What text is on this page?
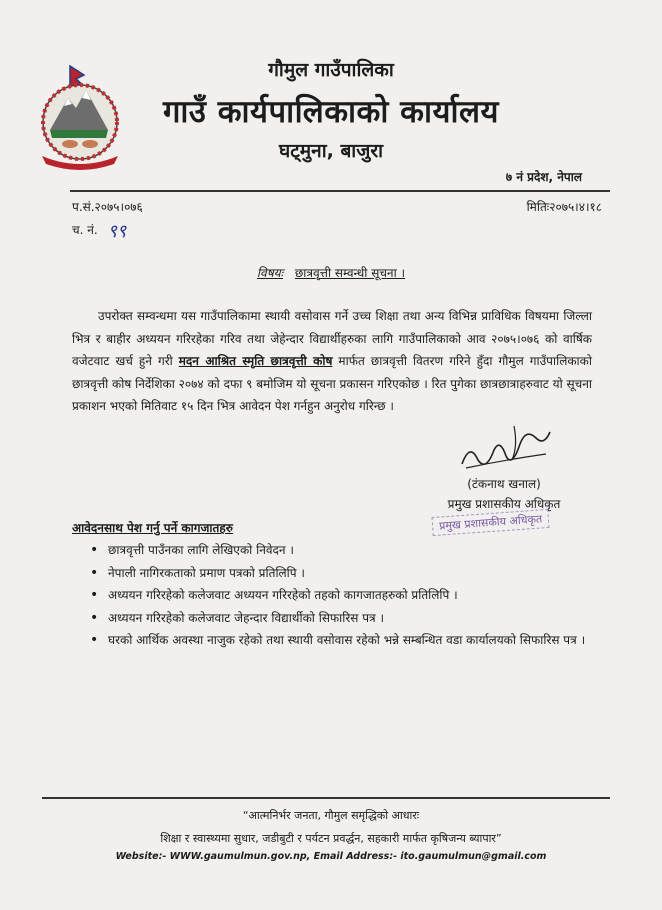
गौमुल गाउँपालिका
गाउँ कार्यपालिकाको कार्यालय
घट्मुना, बाजुरा
७ नं प्रदेश, नेपाल
प.सं.२०७५।०७६	मितिः२०७५।४।१८
च. नं. ९९
विषयः छात्रवृत्ती सम्वन्धी सूचना ।
उपरोक्त सम्वन्धमा यस गाउँपालिकामा स्थायी वसोवास गर्ने उच्च शिक्षा तथा अन्य विभिन्न प्राविधिक विषयमा जिल्ला भित्र र बाहीर अध्ययन गरिरहेका गरिव तथा जेहेन्दार विद्यार्थीहरुका लागि गाउँपालिकाको आव २०७५।०७६ को वार्षिक वजेटवाट खर्च हुने गरी मदन आश्रित स्मृति छात्रवृत्ती कोष मार्फत छात्रवृत्ती वितरण गरिने हुँदा गौमुल गाउँपालिकाको छात्रवृत्ती कोष निर्देशिका २०७४ को दफा ९ बमोजिम यो सूचना प्रकासन गरिएकोछ । रित पुगेका छात्रछात्राहरुवाट यो सूचना प्रकाशन भएको मितिवाट १५ दिन भित्र आवेदन पेश गर्नहुन अनुरोध गरिन्छ ।
(टंकनाथ खनाल)
प्रमुख प्रशासकीय अधिकृत
प्रमुख प्रशासकीय अधिकृत
आवेदनसाथ पेश गर्नु पर्ने कागजातहरु
• छात्रवृत्ती पाउँनका लागि लेखिएको निवेदन ।
• नेपाली नागिरकताको प्रमाण पत्रको प्रतिलिपि ।
• अध्ययन गरिरहेको कलेजवाट अध्ययन गरिरहेको तहको कागजातहरुको प्रतिलिपि ।
• अध्ययन गरिरहेको कलेजवाट जेहन्दार विद्यार्थीको सिफारिस पत्र ।
• घरको आर्थिक अवस्था नाजुक रहेको तथा स्थायी वसोवास रहेको भन्ने सम्बन्धित वडा कार्यालयको सिफारिस पत्र ।
“आत्मनिर्भर जनता, गौमुल समृद्धिको आधारः
शिक्षा र स्वास्थ्यमा सुधार, जडीबुटी र पर्यटन प्रवर्द्धन, सहकारी मार्फत कृषिजन्य ब्यापार”
Website:- WWW.gaumulmun.gov.np, Email Address:- ito.gaumulmun@gmail.com
